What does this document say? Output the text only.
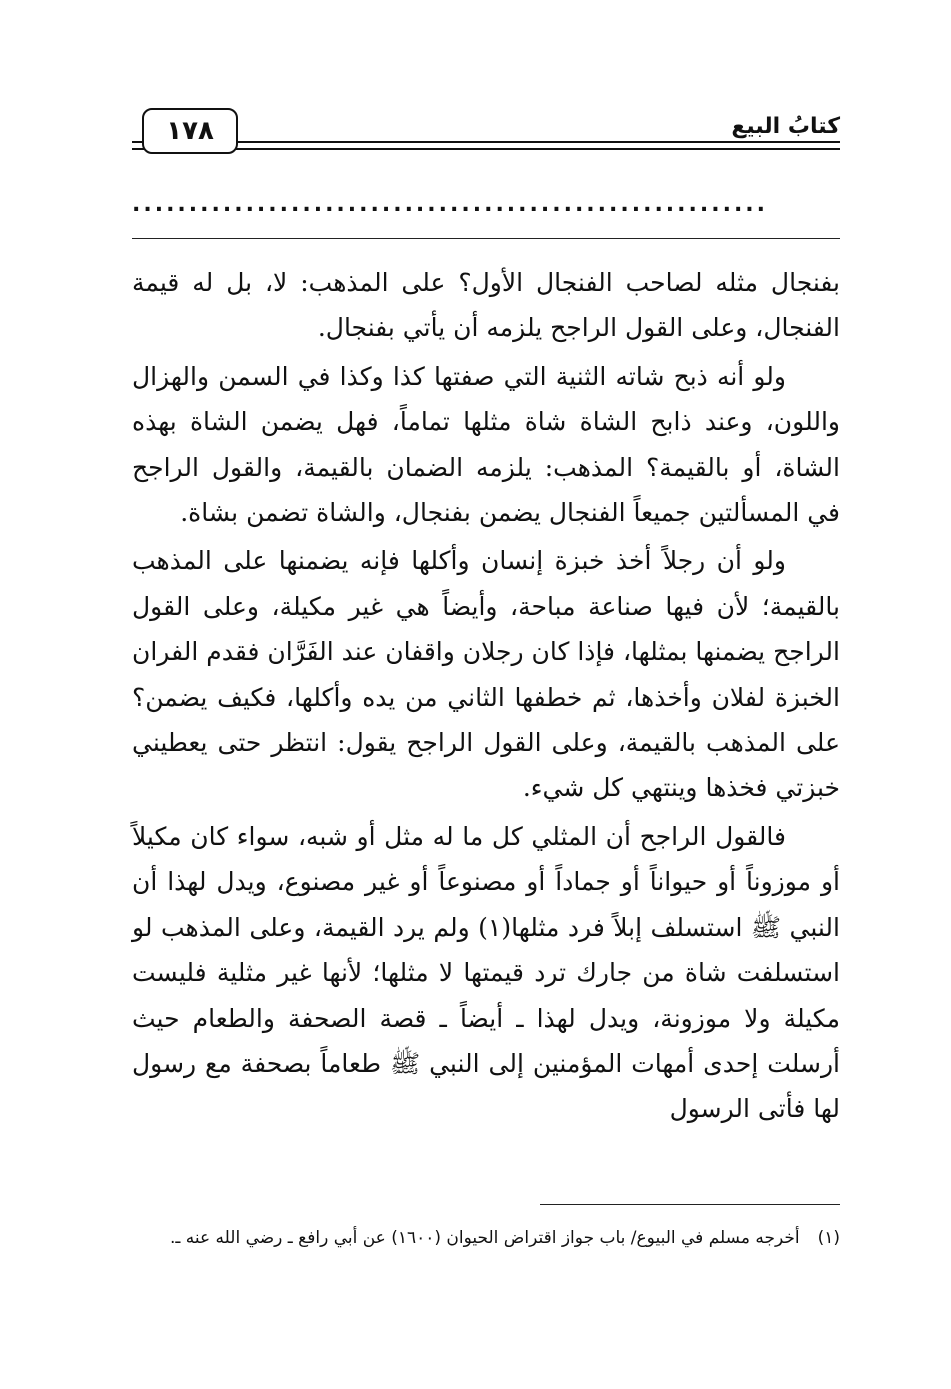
كتابُ البيع
١٧٨
........................................................

بفنجال مثله لصاحب الفنجال الأول؟ على المذهب: لا، بل له قيمة الفنجال، وعلى القول الراجح يلزمه أن يأتي بفنجال.

ولو أنه ذبح شاته الثنية التي صفتها كذا وكذا في السمن والهزال واللون، وعند ذابح الشاة شاة مثلها تماماً، فهل يضمن الشاة بهذه الشاة، أو بالقيمة؟ المذهب: يلزمه الضمان بالقيمة، والقول الراجح في المسألتين جميعاً الفنجال يضمن بفنجال، والشاة تضمن بشاة.

ولو أن رجلاً أخذ خبزة إنسان وأكلها فإنه يضمنها على المذهب بالقيمة؛ لأن فيها صناعة مباحة، وأيضاً هي غير مكيلة، وعلى القول الراجح يضمنها بمثلها، فإذا كان رجلان واقفان عند الفَرَّان فقدم الفران الخبزة لفلان وأخذها، ثم خطفها الثاني من يده وأكلها، فكيف يضمن؟ على المذهب بالقيمة، وعلى القول الراجح يقول: انتظر حتى يعطيني خبزتي فخذها وينتهي كل شيء.

فالقول الراجح أن المثلي كل ما له مثل أو شبه، سواء كان مكيلاً أو موزوناً أو حيواناً أو جماداً أو مصنوعاً أو غير مصنوع، ويدل لهذا أن النبي ﷺ استسلف إبلاً فرد مثلها(١) ولم يرد القيمة، وعلى المذهب لو استسلفت شاة من جارك ترد قيمتها لا مثلها؛ لأنها غير مثلية فليست مكيلة ولا موزونة، ويدل لهذا ـ أيضاً ـ قصة الصحفة والطعام حيث أرسلت إحدى أمهات المؤمنين إلى النبي ﷺ طعاماً بصحفة مع رسول لها فأتى الرسول

(١)أخرجه مسلم في البيوع/ باب جواز اقتراض الحيوان (١٦٠٠) عن أبي رافع ـ رضي الله عنه ـ.
